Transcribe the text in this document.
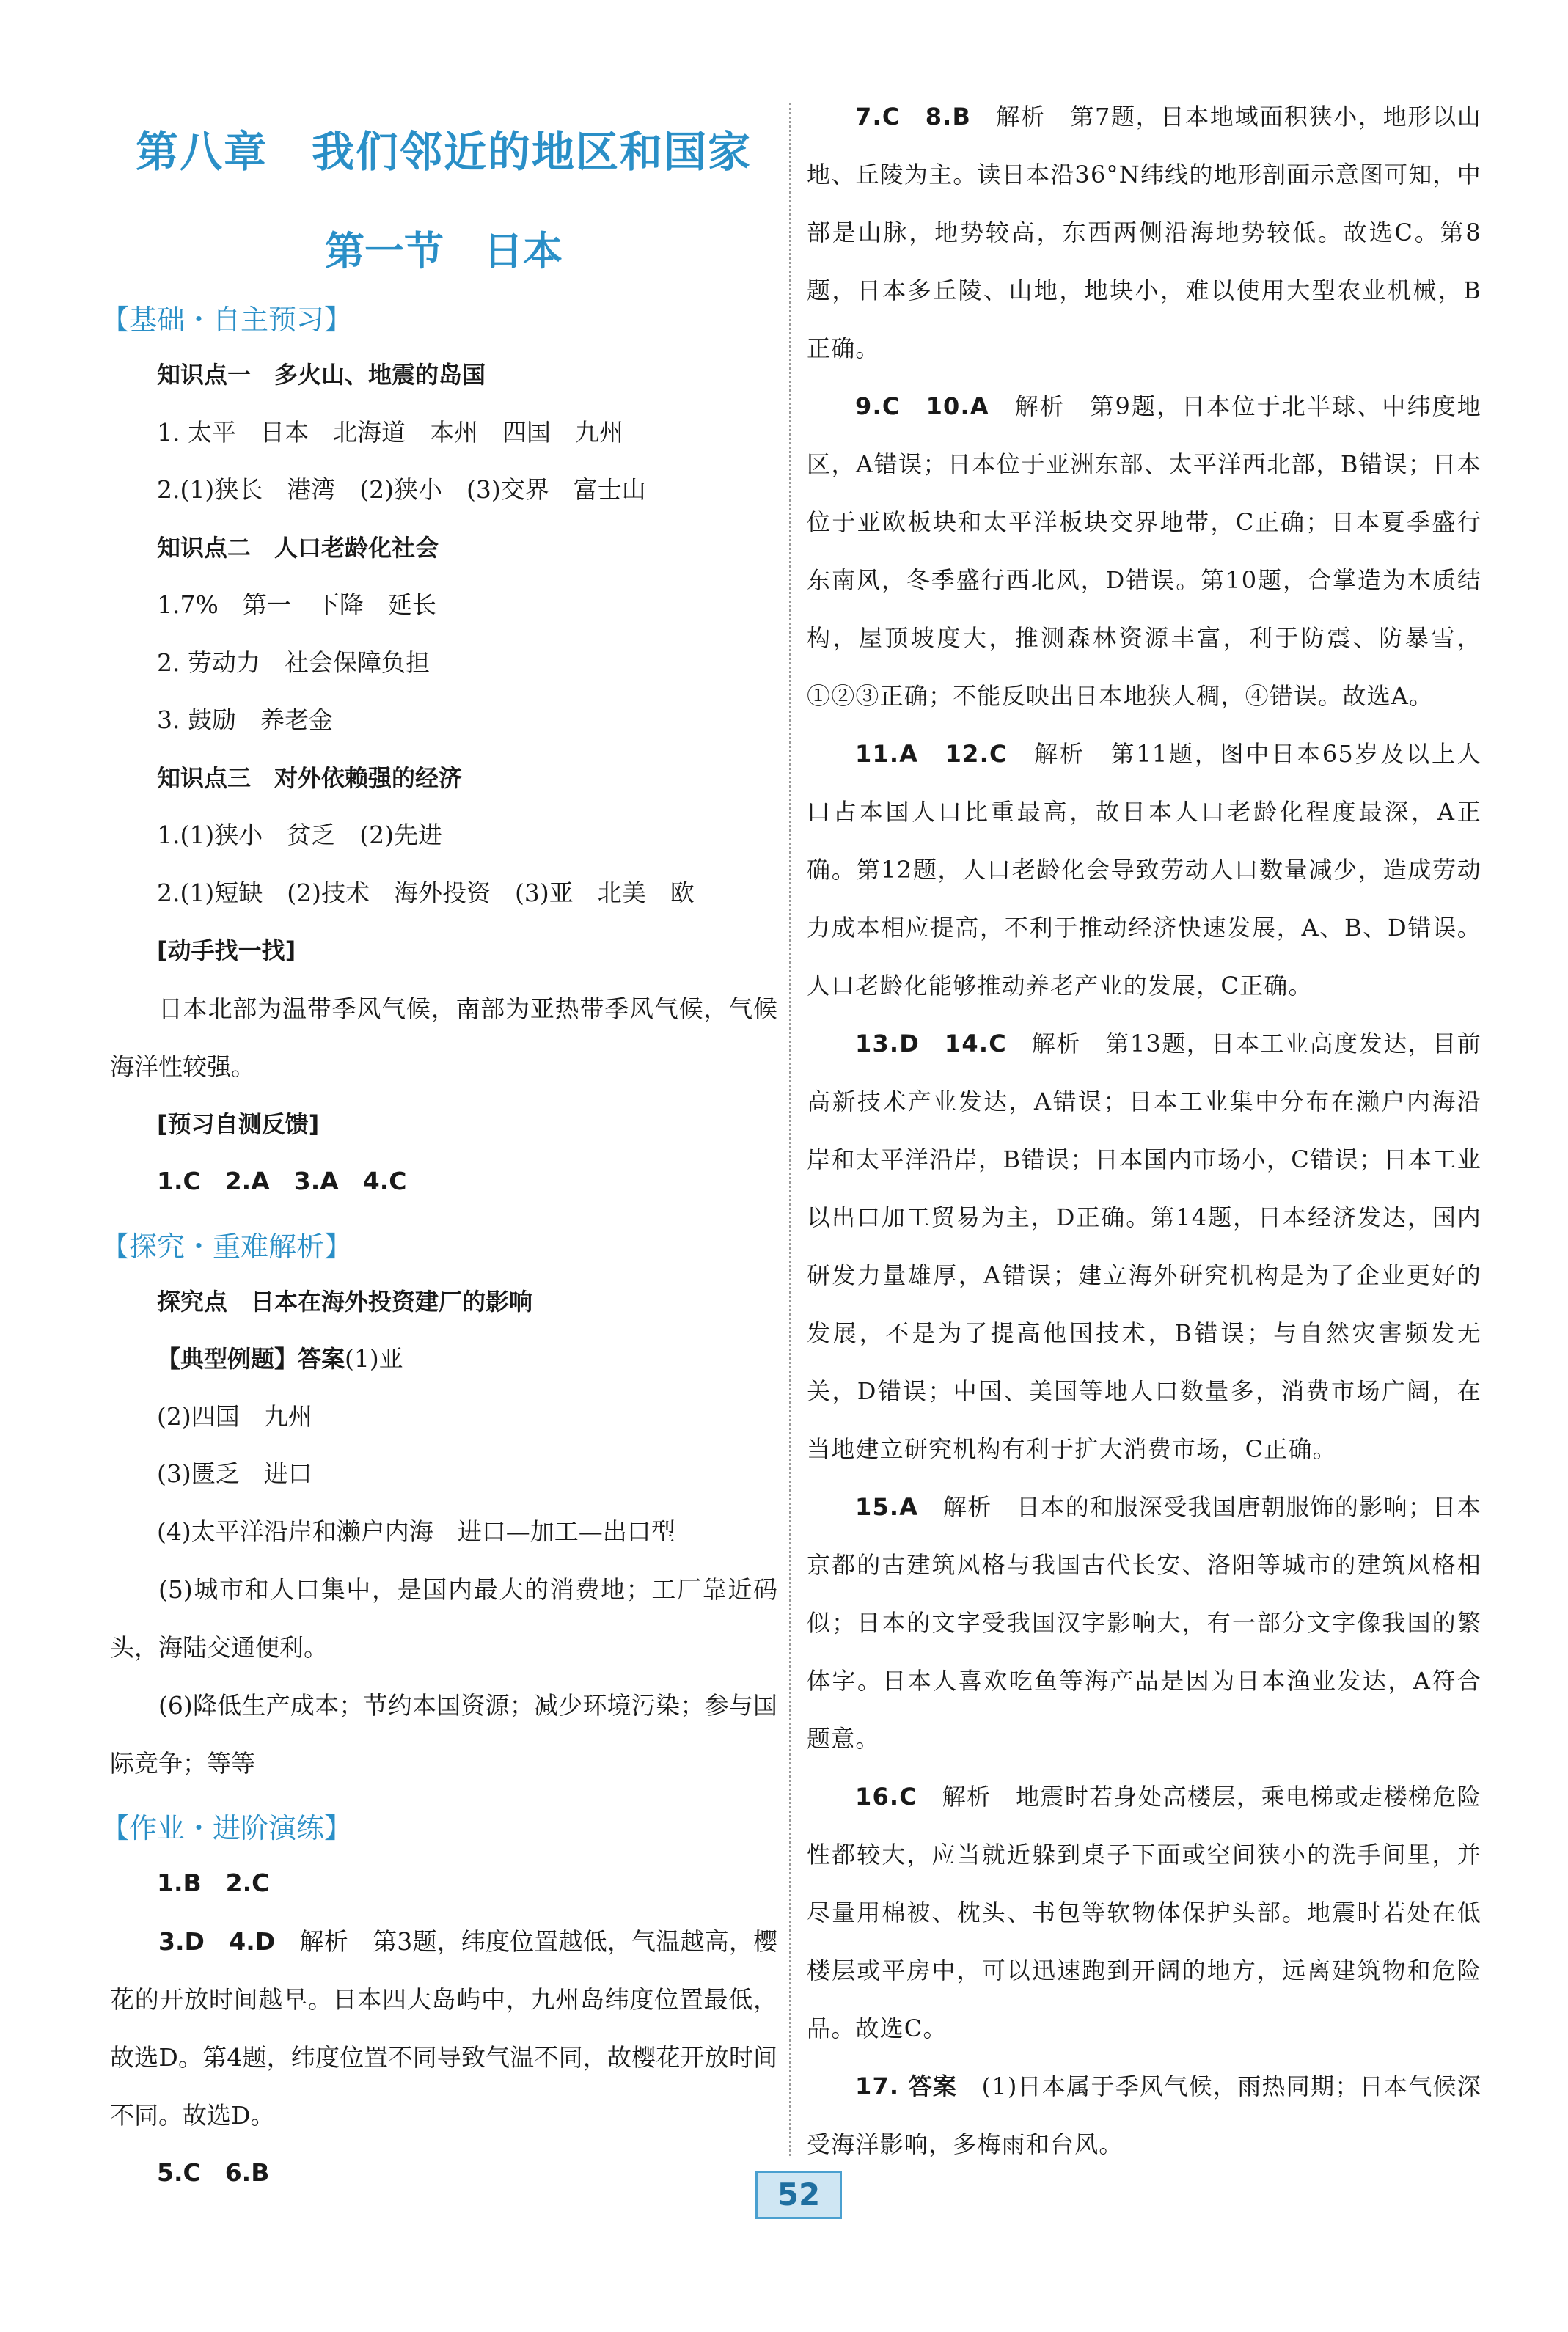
第八章　我们邻近的地区和国家
第一节　日本
【基础・自主预习】
知识点一　多火山、地震的岛国
1. 太平　日本　北海道　本州　四国　九州
2.(1)狭长　港湾　(2)狭小　(3)交界　富士山
知识点二　人口老龄化社会
1.7%　第一　下降　延长
2. 劳动力　社会保障负担
3. 鼓励　养老金
知识点三　对外依赖强的经济
1.(1)狭小　贫乏　(2)先进
2.(1)短缺　(2)技术　海外投资　(3)亚　北美　欧
[动手找一找]

日本北部为温带季风气候，南部为亚热带季风气候，气候海洋性较强。

[预习自测反馈]
1.C　2.A　3.A　4.C
【探究・重难解析】
探究点　日本在海外投资建厂的影响
【典型例题】答案(1)亚
(2)四国　九州
(3)匮乏　进口
(4)太平洋沿岸和濑户内海　进口—加工—出口型

(5)城市和人口集中，是国内最大的消费地；工厂靠近码头，海陆交通便利。

(6)降低生产成本；节约本国资源；减少环境污染；参与国际竞争；等等

【作业・进阶演练】
1.B　2.C

3.D　4.D　 解析　第3题，纬度位置越低，气温越高，樱花的开放时间越早。日本四大岛屿中，九州岛纬度位置最低，故选D。第4题，纬度位置不同导致气温不同，故樱花开放时间不同。故选D。

5.C　6.B

7.C　8.B　 解析　第7题，日本地域面积狭小，地形以山地、丘陵为主。读日本沿36°N纬线的地形剖面示意图可知，中部是山脉，地势较高，东西两侧沿海地势较低。故选C。第8题，日本多丘陵、山地，地块小，难以使用大型农业机械，B正确。

9.C　10.A　 解析　第9题，日本位于北半球、中纬度地区，A错误；日本位于亚洲东部、太平洋西北部，B错误；日本位于亚欧板块和太平洋板块交界地带，C正确；日本夏季盛行东南风，冬季盛行西北风，D错误。第10题，合掌造为木质结构，屋顶坡度大，推测森林资源丰富，利于防震、防暴雪，①②③正确；不能反映出日本地狭人稠，④错误。故选A。

11.A　12.C　 解析　第11题，图中日本65岁及以上人口占本国人口比重最高，故日本人口老龄化程度最深，A正确。第12题，人口老龄化会导致劳动人口数量减少，造成劳动力成本相应提高，不利于推动经济快速发展，A、B、D错误。人口老龄化能够推动养老产业的发展，C正确。

13.D　14.C　 解析　第13题，日本工业高度发达，目前高新技术产业发达，A错误；日本工业集中分布在濑户内海沿岸和太平洋沿岸，B错误；日本国内市场小，C错误；日本工业以出口加工贸易为主，D正确。第14题，日本经济发达，国内研发力量雄厚，A错误；建立海外研究机构是为了企业更好的发展，不是为了提高他国技术，B错误；与自然灾害频发无关，D错误；中国、美国等地人口数量多，消费市场广阔，在当地建立研究机构有利于扩大消费市场，C正确。

15.A　 解析　日本的和服深受我国唐朝服饰的影响；日本京都的古建筑风格与我国古代长安、洛阳等城市的建筑风格相似；日本的文字受我国汉字影响大，有一部分文字像我国的繁体字。日本人喜欢吃鱼等海产品是因为日本渔业发达，A符合题意。

16.C　 解析　地震时若身处高楼层，乘电梯或走楼梯危险性都较大，应当就近躲到桌子下面或空间狭小的洗手间里，并尽量用棉被、枕头、书包等软物体保护头部。地震时若处在低楼层或平房中，可以迅速跑到开阔的地方，远离建筑物和危险品。故选C。

17. 答案　 (1)日本属于季风气候，雨热同期；日本气候深受海洋影响，多梅雨和台风。

52
